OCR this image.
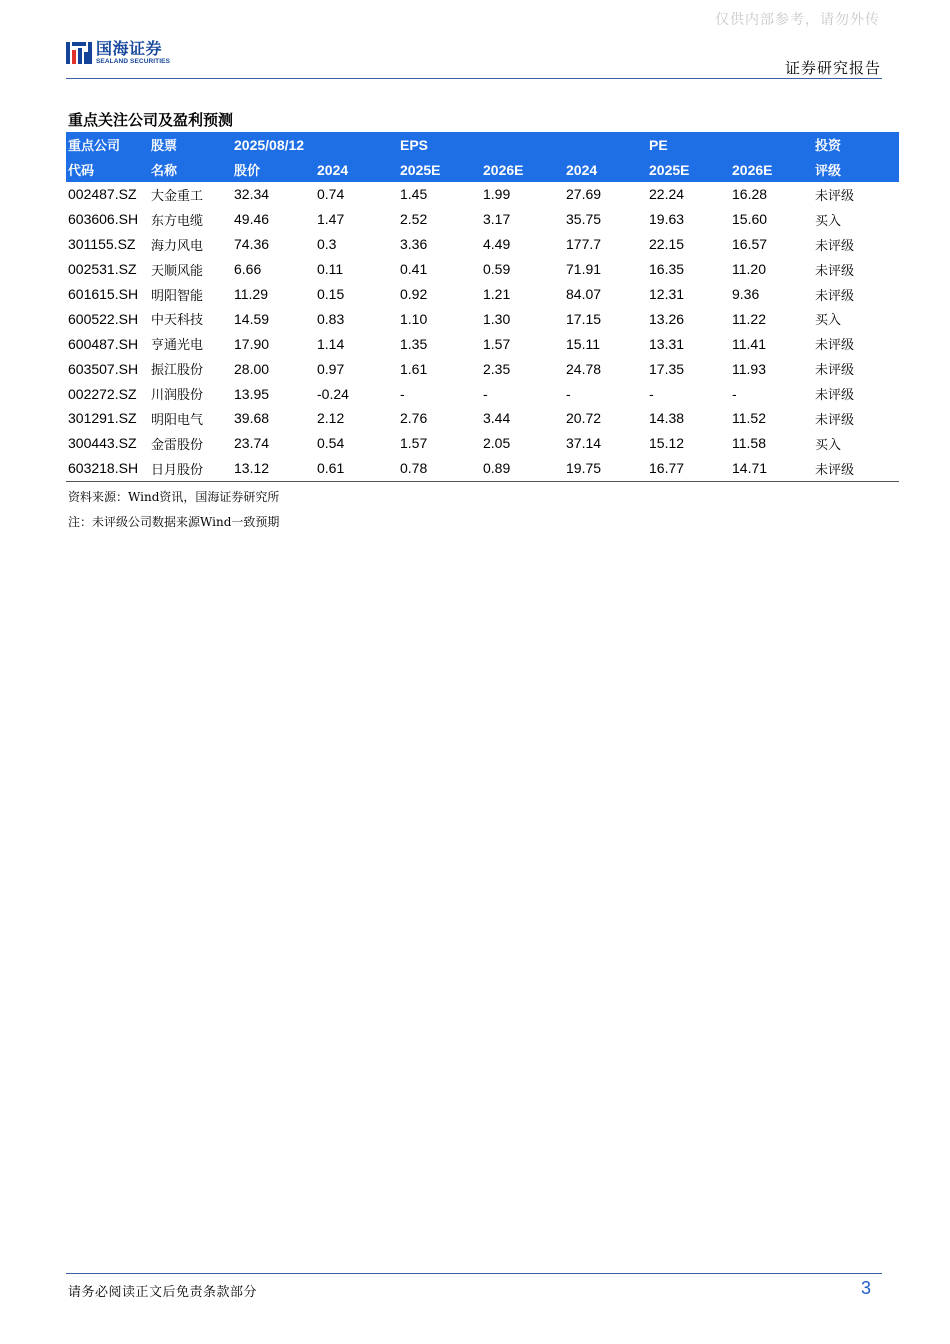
仅供内部参考，请勿外传
国海证券
SEALAND SECURITIES	证券研究报告
重点关注公司及盈利预测
重点公司	股票	2025/08/12		EPS			PE		投资
代码	名称	股价	2024	2025E	2026E	2024	2025E	2026E	评级
002487.SZ	大金重工	32.34	0.74	1.45	1.99	27.69	22.24	16.28	未评级
603606.SH	东方电缆	49.46	1.47	2.52	3.17	35.75	19.63	15.60	买入
301155.SZ	海力风电	74.36	0.3	3.36	4.49	177.7	22.15	16.57	未评级
002531.SZ	天顺风能	6.66	0.11	0.41	0.59	71.91	16.35	11.20	未评级
601615.SH	明阳智能	11.29	0.15	0.92	1.21	84.07	12.31	9.36	未评级
600522.SH	中天科技	14.59	0.83	1.10	1.30	17.15	13.26	11.22	买入
600487.SH	亨通光电	17.90	1.14	1.35	1.57	15.11	13.31	11.41	未评级
603507.SH	振江股份	28.00	0.97	1.61	2.35	24.78	17.35	11.93	未评级
002272.SZ	川润股份	13.95	-0.24	-	-	-	-	-	未评级
301291.SZ	明阳电气	39.68	2.12	2.76	3.44	20.72	14.38	11.52	未评级
300443.SZ	金雷股份	23.74	0.54	1.57	2.05	37.14	15.12	11.58	买入
603218.SH	日月股份	13.12	0.61	0.78	0.89	19.75	16.77	14.71	未评级
资料来源：Wind资讯，国海证券研究所
注：未评级公司数据来源Wind一致预期
请务必阅读正文后免责条款部分	3
